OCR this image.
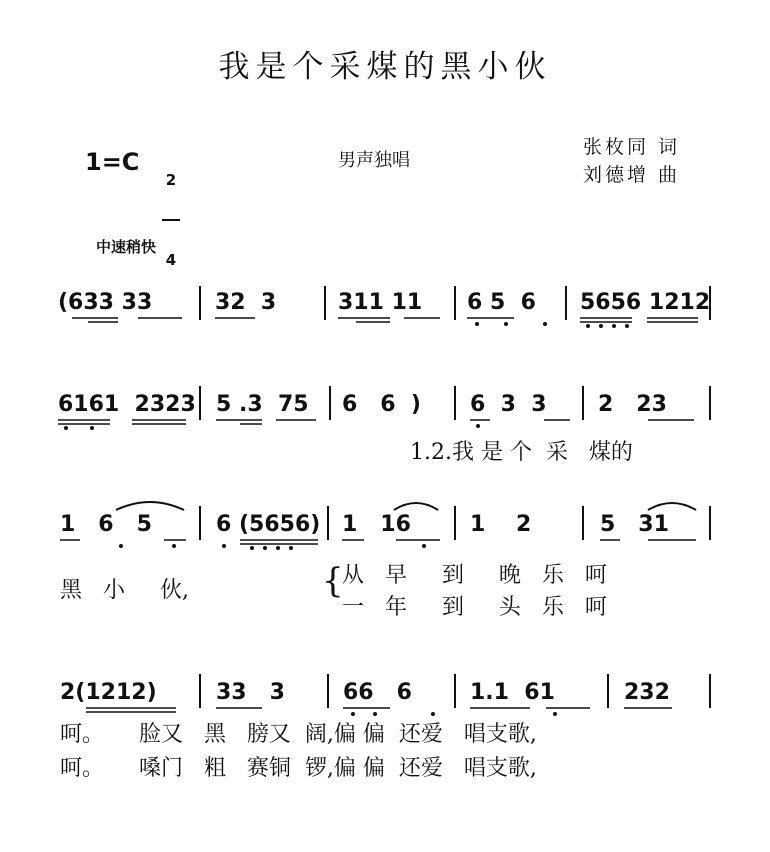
我是个采煤的黑小伙
1=C

2

4

男声独唱
张枚同 词
刘德增 曲
中速稍快
(633 33	32  3	311 11 6 5  6 5656 1212
6161  2323 5 .3  75 6   6  ) 6  3  3 2   23
1.2.我 是 个  采   煤的
1   6   5	6 (5656) 1   16	1    2	5   31
黑   小     伙,	{
从   早     到     晚   乐   呵
一   年     到     头   乐   呵
2(1212)	33   3	66   6	1.1  61	232
呵。     脸又   黑   膀又  阔,偏 偏  还爱   唱支歌,
呵。     嗓门   粗   赛铜  锣,偏 偏  还爱   唱支歌,
